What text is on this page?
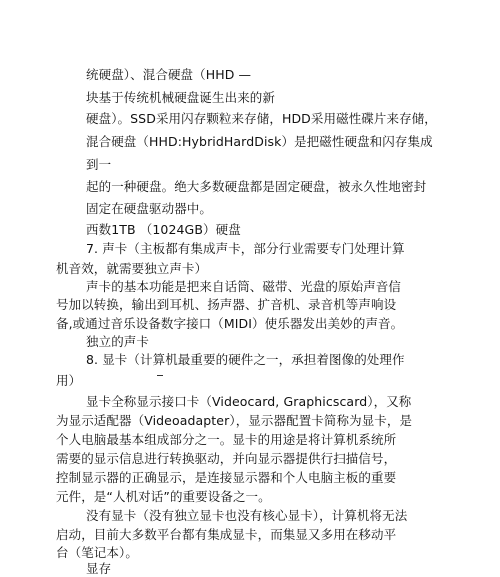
统硬盘）、混合硬盘（HHD —
块基于传统机械硬盘诞生出来的新
硬盘）。SSD采用闪存颗粒来存储，HDD采用磁性碟片来存储，
混合硬盘（HHD:HybridHardDisk）是把磁性硬盘和闪存集成
到一
起的一种硬盘。绝大多数硬盘都是固定硬盘，被永久性地密封
固定在硬盘驱动器中。
西数1TB （1024GB）硬盘
7. 声卡（主板都有集成声卡，部分行业需要专门处理计算
机音效，就需要独立声卡）
声卡的基本功能是把来自话筒、磁带、光盘的原始声音信
号加以转换，输出到耳机、扬声器、扩音机、录音机等声响设
备,或通过音乐设备数字接口（MIDI）使乐器发出美妙的声音。
独立的声卡
8. 显卡（计算机最重要的硬件之一，承担着图像的处理作
用）
显卡全称显示接口卡（Videocard, Graphicscard），又称
为显示适配器（Videoadapter），显示器配置卡简称为显卡，是
个人电脑最基本组成部分之一。显卡的用途是将计算机系统所
需要的显示信息进行转换驱动，并向显示器提供行扫描信号，
控制显示器的正确显示，是连接显示器和个人电脑主板的重要
元件，是“人机对话”的重要设备之一。
没有显卡（没有独立显卡也没有核心显卡），计算机将无法
启动，目前大多数平台都有集成显卡，而集显又多用在移动平
台（笔记本）。
显存
